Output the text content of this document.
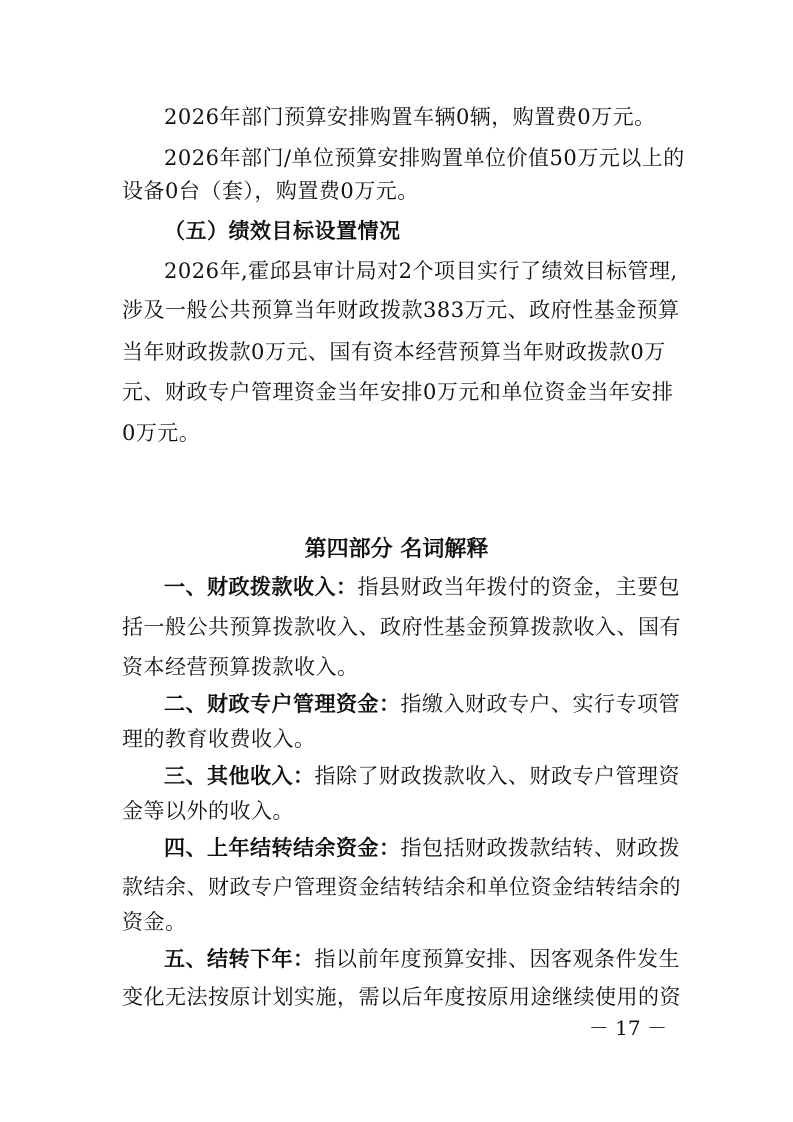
2026年部门预算安排购置车辆0辆，购置费0万元。
2026年部门/单位预算安排购置单位价值50万元以上的
设备0台（套），购置费0万元。
（五）绩效目标设置情况
2026年,霍邱县审计局对2个项目实行了绩效目标管理,
涉及一般公共预算当年财政拨款383万元、政府性基金预算
当年财政拨款0万元、国有资本经营预算当年财政拨款0万
元、财政专户管理资金当年安排0万元和单位资金当年安排
0万元。
第四部分 名词解释
一、财政拨款收入：指县财政当年拨付的资金，主要包
括一般公共预算拨款收入、政府性基金预算拨款收入、国有
资本经营预算拨款收入。
二、财政专户管理资金：指缴入财政专户、实行专项管
理的教育收费收入。
三、其他收入：指除了财政拨款收入、财政专户管理资
金等以外的收入。
四、上年结转结余资金：指包括财政拨款结转、财政拨
款结余、财政专户管理资金结转结余和单位资金结转结余的
资金。
五、结转下年：指以前年度预算安排、因客观条件发生
变化无法按原计划实施，需以后年度按原用途继续使用的资
－ 17 －
